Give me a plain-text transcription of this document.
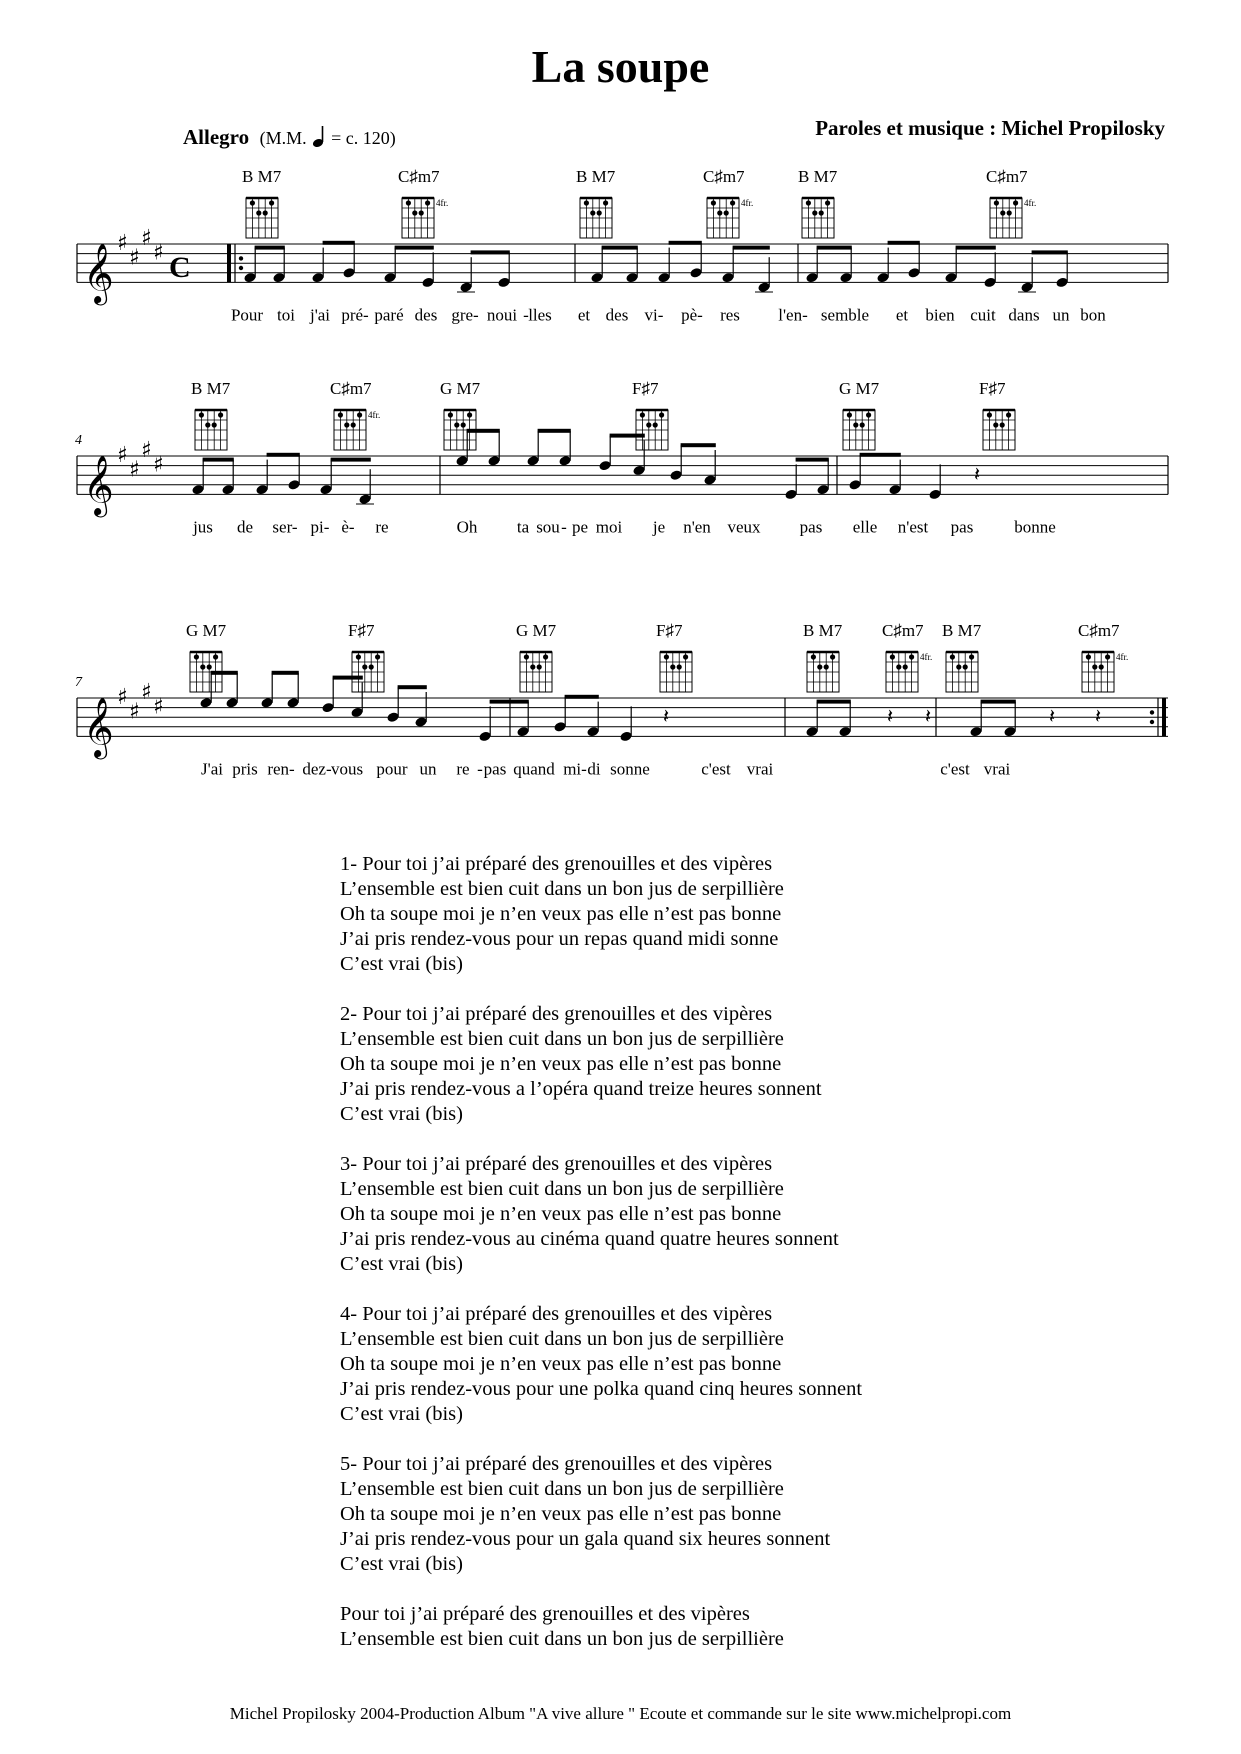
La soupe
Allegro (M.M. = c. 120)	Paroles et musique : Michel Propilosky
𝄞 ♯
♯
♯
♯ C
B M7	C♯m7
4fr.
B M7	C♯m7
4fr.
B M7	C♯m7
4fr.
Pour toi j'ai pré- paré des gre- noui - lles et des vi- pè- res l'en- semble et bien cuit dans un bon
𝄞 ♯
♯
♯
♯
4
𝄽
B M7	C♯m7
4fr.
G M7	F♯7	G M7	F♯7
jus de ser- pi- è- re	Oh ta sou - pe moi je n'en veux pas elle n'est pas bonne
𝄞 ♯
♯
♯
♯
7
𝄽	𝄽 𝄽	𝄽 𝄽
G M7	F♯7	G M7	F♯7	B M7 C♯m7
4fr.
B M7	C♯m7
4fr.
J'ai pris ren- dez- vous pour un re - pas quand mi- di sonne	c'est vrai	c'est vrai
1- Pour toi j’ai préparé des grenouilles et des vipères
L’ensemble est bien cuit dans un bon jus de serpillière
Oh ta soupe moi je n’en veux pas elle n’est pas bonne
J’ai pris rendez-vous pour un repas quand midi sonne
C’est vrai (bis)
2- Pour toi j’ai préparé des grenouilles et des vipères
L’ensemble est bien cuit dans un bon jus de serpillière
Oh ta soupe moi je n’en veux pas elle n’est pas bonne
J’ai pris rendez-vous a l’opéra quand treize heures sonnent
C’est vrai (bis)
3- Pour toi j’ai préparé des grenouilles et des vipères
L’ensemble est bien cuit dans un bon jus de serpillière
Oh ta soupe moi je n’en veux pas elle n’est pas bonne
J’ai pris rendez-vous au cinéma quand quatre heures sonnent
C’est vrai (bis)
4- Pour toi j’ai préparé des grenouilles et des vipères
L’ensemble est bien cuit dans un bon jus de serpillière
Oh ta soupe moi je n’en veux pas elle n’est pas bonne
J’ai pris rendez-vous pour une polka quand cinq heures sonnent
C’est vrai (bis)
5- Pour toi j’ai préparé des grenouilles et des vipères
L’ensemble est bien cuit dans un bon jus de serpillière
Oh ta soupe moi je n’en veux pas elle n’est pas bonne
J’ai pris rendez-vous pour un gala quand six heures sonnent
C’est vrai (bis)
Pour toi j’ai préparé des grenouilles et des vipères
L’ensemble est bien cuit dans un bon jus de serpillière
Michel Propilosky 2004-Production Album "A vive allure " Ecoute et commande sur le site www.michelpropi.com
